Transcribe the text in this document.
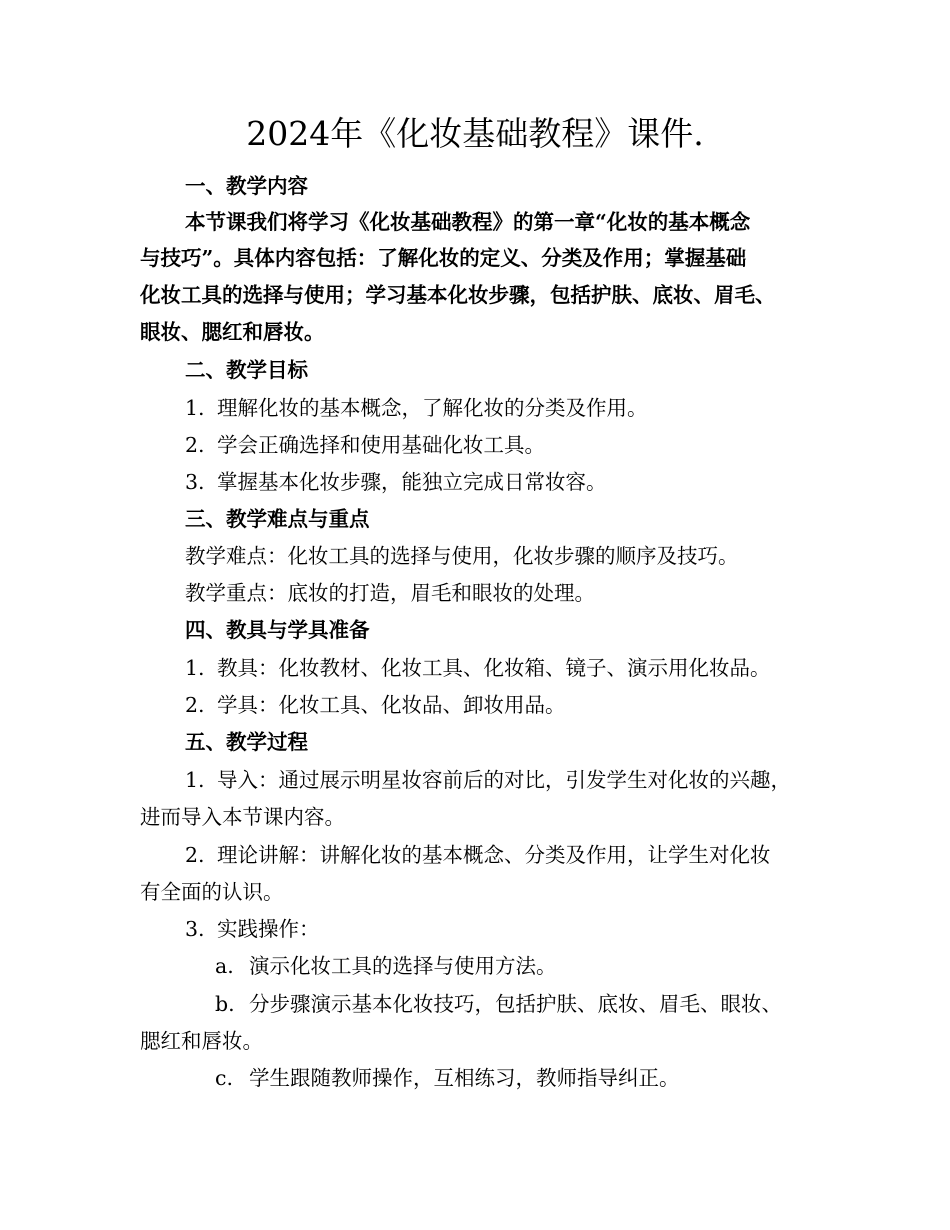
2024年《化妆基础教程》课件.
一、教学内容
本节课我们将学习《化妆基础教程》的第一章“化妆的基本概念
与技巧”。具体内容包括：了解化妆的定义、分类及作用；掌握基础
化妆工具的选择与使用；学习基本化妆步骤，包括护肤、底妆、眉毛、
眼妆、腮红和唇妆。
二、教学目标
1. 理解化妆的基本概念，了解化妆的分类及作用。
2. 学会正确选择和使用基础化妆工具。
3. 掌握基本化妆步骤，能独立完成日常妆容。
三、教学难点与重点
教学难点：化妆工具的选择与使用，化妆步骤的顺序及技巧。
教学重点：底妆的打造，眉毛和眼妆的处理。
四、教具与学具准备
1. 教具：化妆教材、化妆工具、化妆箱、镜子、演示用化妆品。
2. 学具：化妆工具、化妆品、卸妆用品。
五、教学过程
1. 导入：通过展示明星妆容前后的对比，引发学生对化妆的兴趣，
进而导入本节课内容。
2. 理论讲解：讲解化妆的基本概念、分类及作用，让学生对化妆
有全面的认识。
3. 实践操作：
a. 演示化妆工具的选择与使用方法。
b. 分步骤演示基本化妆技巧，包括护肤、底妆、眉毛、眼妆、
腮红和唇妆。
c. 学生跟随教师操作，互相练习，教师指导纠正。
